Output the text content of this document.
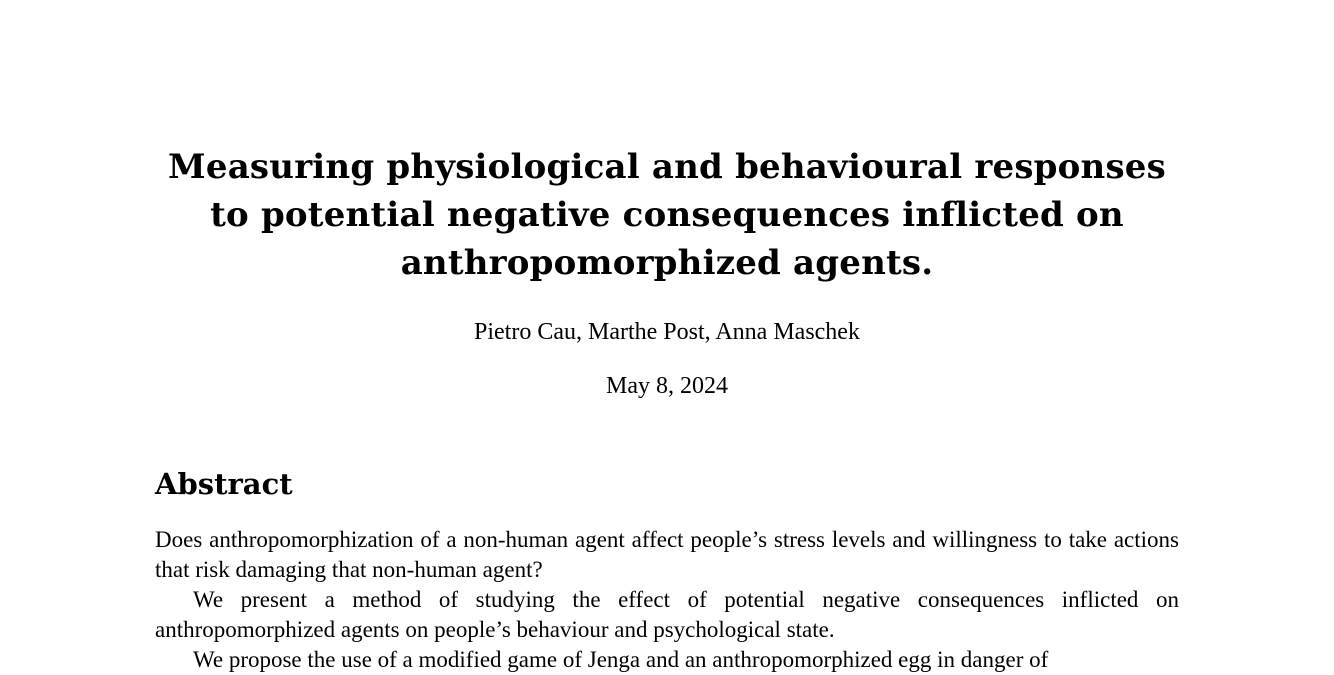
Measuring physiological and behavioural responses to potential negative consequences inflicted on anthropomorphized agents.
Pietro Cau, Marthe Post, Anna Maschek
May 8, 2024
Abstract

Does anthropomorphization of a non-human agent affect people’s stress levels and willingness to take actions that risk damaging that non-human agent?

We present a method of studying the effect of potential negative consequences inflicted on anthropomorphized agents on people’s behaviour and psychological state.

We propose the use of a modified game of Jenga and an anthropomorphized egg in danger of
